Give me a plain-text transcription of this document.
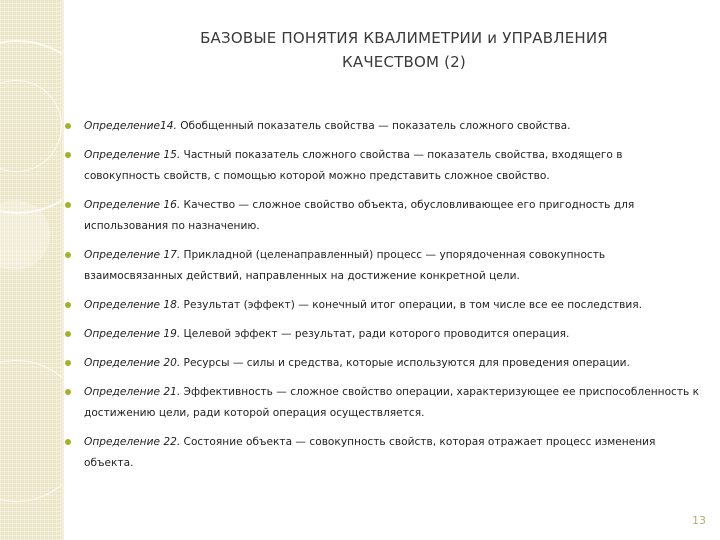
БАЗОВЫЕ ПОНЯТИЯ КВАЛИМЕТРИИ и УПРАВЛЕНИЯ
КАЧЕСТВОМ (2)
Определение14. Обобщенный показатель свойства — показатель сложного свойства.
Определение 15. Частный показатель сложного свойства — показатель свойства, входящего в совокупность свойств, с помощью которой можно представить сложное свойство.
Определение 16. Качество — сложное свойство объекта, обусловливающее его пригодность для использования по назначению.
Определение 17. Прикладной (целенаправленный) процесс — упорядоченная совокупность взаимосвязанных действий, направленных на достижение конкретной цели.
Определение 18. Результат (эффект) — конечный итог операции, в том числе все ее последствия.
Определение 19. Целевой эффект — результат, ради которого проводится операция.
Определение 20. Ресурсы — силы и средства, которые используются для проведения операции.
Определение 21. Эффективность — сложное свойство операции, характеризующее ее приспособленность к достижению цели, ради которой операция осуществляется.
Определение 22. Состояние объекта — совокупность свойств, которая отражает процесс изменения объекта.
13
